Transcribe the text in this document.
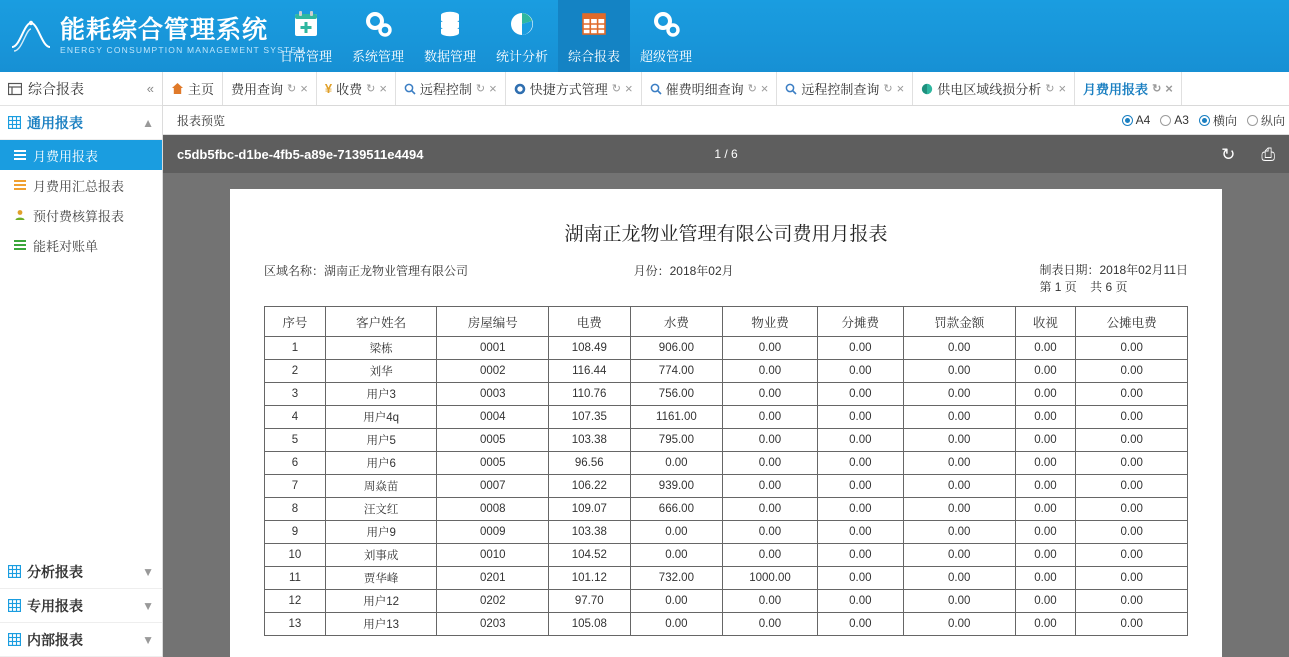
能耗综合管理系统
ENERGY CONSUMPTION MANAGEMENT SYSTEM
日常管理 系统管理 数据管理 统计分析 综合报表 超级管理
综合报表	«
通用报表	▲
月费用报表
月费用汇总报表
预付费核算报表
能耗对账单
分析报表	▼
专用报表	▼
内部报表	▼
主页 费用查询 ↻ × ¥ 收费 ↻ ×	远程控制 ↻ ×	快捷方式管理 ↻ ×	催费明细查询 ↻ ×	远程控制查询 ↻ ×	供电区域线损分析 ↻ × 月费用报表 ↻ ×
报表预览	A4 A3 横向 纵向
c5db5fbc-d1be-4fb5-a89e-7139511e4494	1 / 6	↻ ⎙
湖南正龙物业管理有限公司费用月报表
区域名称：湖南正龙物业管理有限公司	月份：2018年02月	制表日期：2018年02月11日
第 1 页 共 6 页
序号	客户姓名	房屋编号	电费	水费	物业费	分摊费	罚款金额	收视	公摊电费
1	梁栋	0001	108.49	906.00	0.00	0.00	0.00	0.00	0.00
2	刘华	0002	116.44	774.00	0.00	0.00	0.00	0.00	0.00
3	用户3	0003	110.76	756.00	0.00	0.00	0.00	0.00	0.00
4	用户4q	0004	107.35	1161.00	0.00	0.00	0.00	0.00	0.00
5	用户5	0005	103.38	795.00	0.00	0.00	0.00	0.00	0.00
6	用户6	0005	96.56	0.00	0.00	0.00	0.00	0.00	0.00
7	周焱苗	0007	106.22	939.00	0.00	0.00	0.00	0.00	0.00
8	汪文红	0008	109.07	666.00	0.00	0.00	0.00	0.00	0.00
9	用户9	0009	103.38	0.00	0.00	0.00	0.00	0.00	0.00
10	刘事成	0010	104.52	0.00	0.00	0.00	0.00	0.00	0.00
11	贾华峰	0201	101.12	732.00	1000.00	0.00	0.00	0.00	0.00
12	用户12	0202	97.70	0.00	0.00	0.00	0.00	0.00	0.00
13	用户13	0203	105.08	0.00	0.00	0.00	0.00	0.00	0.00
